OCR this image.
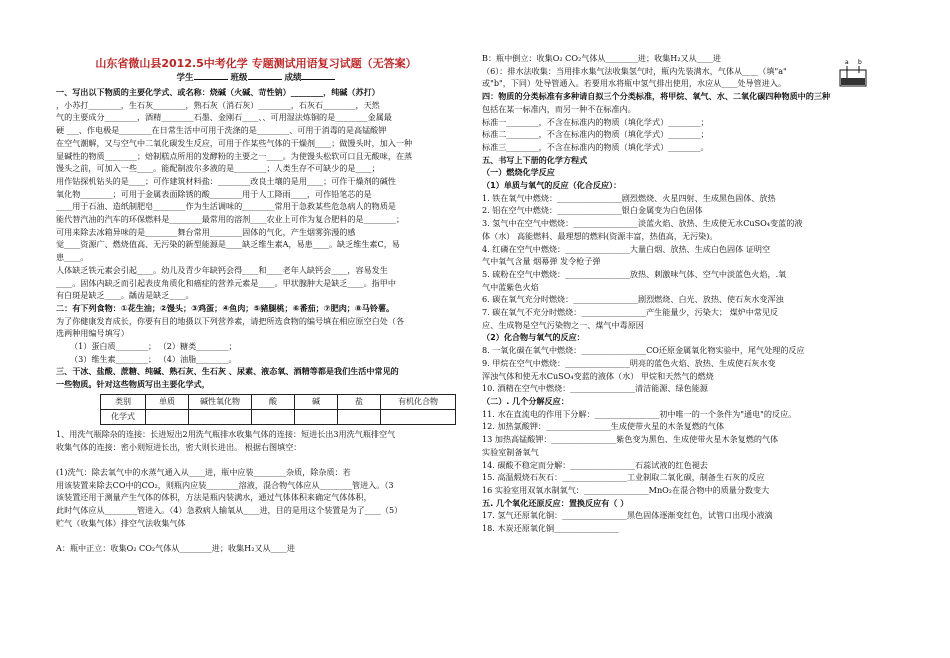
山东省微山县2012.5中考化学 专题测试用语复习试题（无答案）
学生	班级	成绩
一、写出以下物质的主要化学式、或名称：烧碱（火碱、苛性钠）________，纯碱（苏打）
，小苏打________，生石灰________，熟石灰（消石灰）________，石灰石________，天然
气的主要成分________，酒精________石墨、金刚石____、、可用湿法炼铜的是________金属最
硬 ___、作电极是________在日常生活中可用于洗涤的是________、可用于消毒的是高锰酸钾
在空气潮解，又与空气中二氧化碳发生反应，可用于作某些气体的干燥剂____；做馒头时，加入一种
显碱性的物质________；焙制糕点所用的发酵粉的主要之一____。为使馒头松软可口且无酸味，在蒸
馒头之前，可加入一些____。能配制波尔多液的是________；人类生存不可缺少的是____；
用作钻探机钻头的是____；可作建筑材料盐：________改良土壤的是用____；可作干燥剂的碱性
氧化物________；可用于金属表面除锈的酸________用于人工降雨____，可作铅笔芯的是
____用于石油、造纸制肥皂________作为生活调味的________常用于急救某些危急病人的物质是
能代替汽油的汽车的环保燃料是________最常用的溶剂____农业上可作为复合肥料的是________；
可用来除去冰箱异味的是________舞台常用________固体的气化，产生烟雾弥漫的感
觉____资源广、燃烧值高、无污染的新型能源是____缺乏维生素A，易患____。缺乏维生素C，易
患____。
人体缺乏铁元素会引起____。幼儿及青少年缺钙会得____和____老年人缺钙会____，容易发生
____。固体内缺乏而引起表皮角质化和癌症的营养元素是____。甲状腺肿大是缺乏____。指甲中
有白斑是缺乏____。龋齿是缺乏____。
二：有下列食物：①花生油；②馒头；③鸡蛋；④鱼肉；⑤豬腿桃；⑥番茄；⑦肥肉；⑧马铃薯。
为了你健康发育成长，你要有目的地摄以下列营养素，请把所选食物的编号填在相应原空白处（各
选两种用编号填写）
（1）蛋白质________； （2）糖类________；
（3）维生素________； （4）油脂________。
三、干冰、盐酸、蔗糖、纯碱、熟石灰、生石灰 、尿素、液态氧、酒精等都是我们生活中常见的
一些物质。针对这些物质写出主要化学式，
类别	单质	碱性氧化物	酸	碱	盐	有机化合物
化学式						
1、用洗气瓶除杂的连接：长进短出2用洗气瓶排水收集气体的连接：短进长出3用洗气瓶排空气
收集气体的连接：密小则短进长出，密大则长进出。 根据右图填空：

(1)洗气：除去氧气中的水蒸气通入从____进，瓶中应装________杂质，除杂质：若
用该装置来除去CO中的CO₂，则瓶内应装________溶液，混合物气体应从________管进入。（3
该装置还用于测量产生气体的体积，方法是瓶内装满水，通过气体体积来确定气体体积，
此时气体应从________管进入。（4）急救病人输氧从____进，目的是用这个装置是为了____（5）
贮气（收集气体）排空气法收集气体

A：瓶中正立：收集O₂ CO₂气体从________进；收集H₂又从____进
B：瓶中倒立：收集O₂ CO₂气体从________进；收集H₂又从____进
（6）：排水法收集：当用排水集气法收集氢气时，瓶内先装满水，气体从____（填"a"
或"b"，下同）处导管通入。若要用水将瓶中氢气排出使用，水应从____处导管进入。
四：物质的分类标准有多种请自拟三个分类标准，将甲烷、氧气、水、二氧化碳四种物质中的三种
包括在某一标准内，而另一种不在标准内。
标准一________，不含在标准内的物质（填化学式）________；
标准二________，不含在标准内的物质（填化学式）________；
标准三________，不含在标准内的物质（填化学式）________。
五、书写上下册的化学方程式
（一）燃烧化学反应
（1）单质与氧气的反应（化合反应）：
1. 铁在氧气中燃烧：________________剧烈燃烧、火星四射、生成黑色固体、放热
2. 铝在空气中燃烧：________________银白金属变为白色固体
3. 氢气中在空气中燃烧：________________淡蓝火焰、放热、生成使无水CuSO₄变蓝的液
体（水） 高能燃料、最理想的燃料(资源丰富，热值高，无污染)。
4. 红磷在空气中燃烧：________________大量白烟、放热、生成白色固体 证明空
气中氧气含量 烟幕弹 发令枪子弹
5. 硫粉在空气中燃烧：________________放热、刺激味气体、空气中淡蓝色火焰，.氧
气中蓝紫色火焰
6. 碳在氧气充分时燃烧：________________剧烈燃烧、白光、放热、使石灰水变浑浊
7. 碳在氧气不充分时燃烧：________________产生能量少，污染大； 煤炉中常见反
应、生成物是空气污染物之一、煤气中毒原因
（2）化合物与氧气的反应：
8. 一氧化碳在氧气中燃烧：________________CO还原金属氧化物实验中，尾气处理的反应
9. 甲烷在空气中燃烧：________________明亮的蓝色火焰、放热、生成使石灰水变
浑浊气体和使无水CuSO₄变蓝的液体（水） 甲烷和天然气的燃烧
10. 酒精在空气中燃烧：________________清洁能源、绿色能源
（二）. 几个分解反应：
11. 水在直流电的作用下分解：________________初中唯一的一个条件为"通电"的反应。
12. 加热氯酸钾：________________生成使带火星的木条复燃的气体
13 加热高锰酸钾：________________紫色变为黑色、生成使带火星木条复燃的气体
实验室制备氧气
14. 碳酸不稳定而分解：________________石蕊试液的红色褪去
15. 高温煅烧石灰石：________________工业制取二氧化碳，制备生石灰的反应
16 实验室用双氧水制氧气：________________MnO₂在混合物中的质量分数变大
五. 几个氧化还原反应：置换反应有（ ）
17. 氢气还原氧化铜：________________黑色固体逐渐变红色，试管口出现小液滴
18. 木炭还原氧化铜________________
a b
